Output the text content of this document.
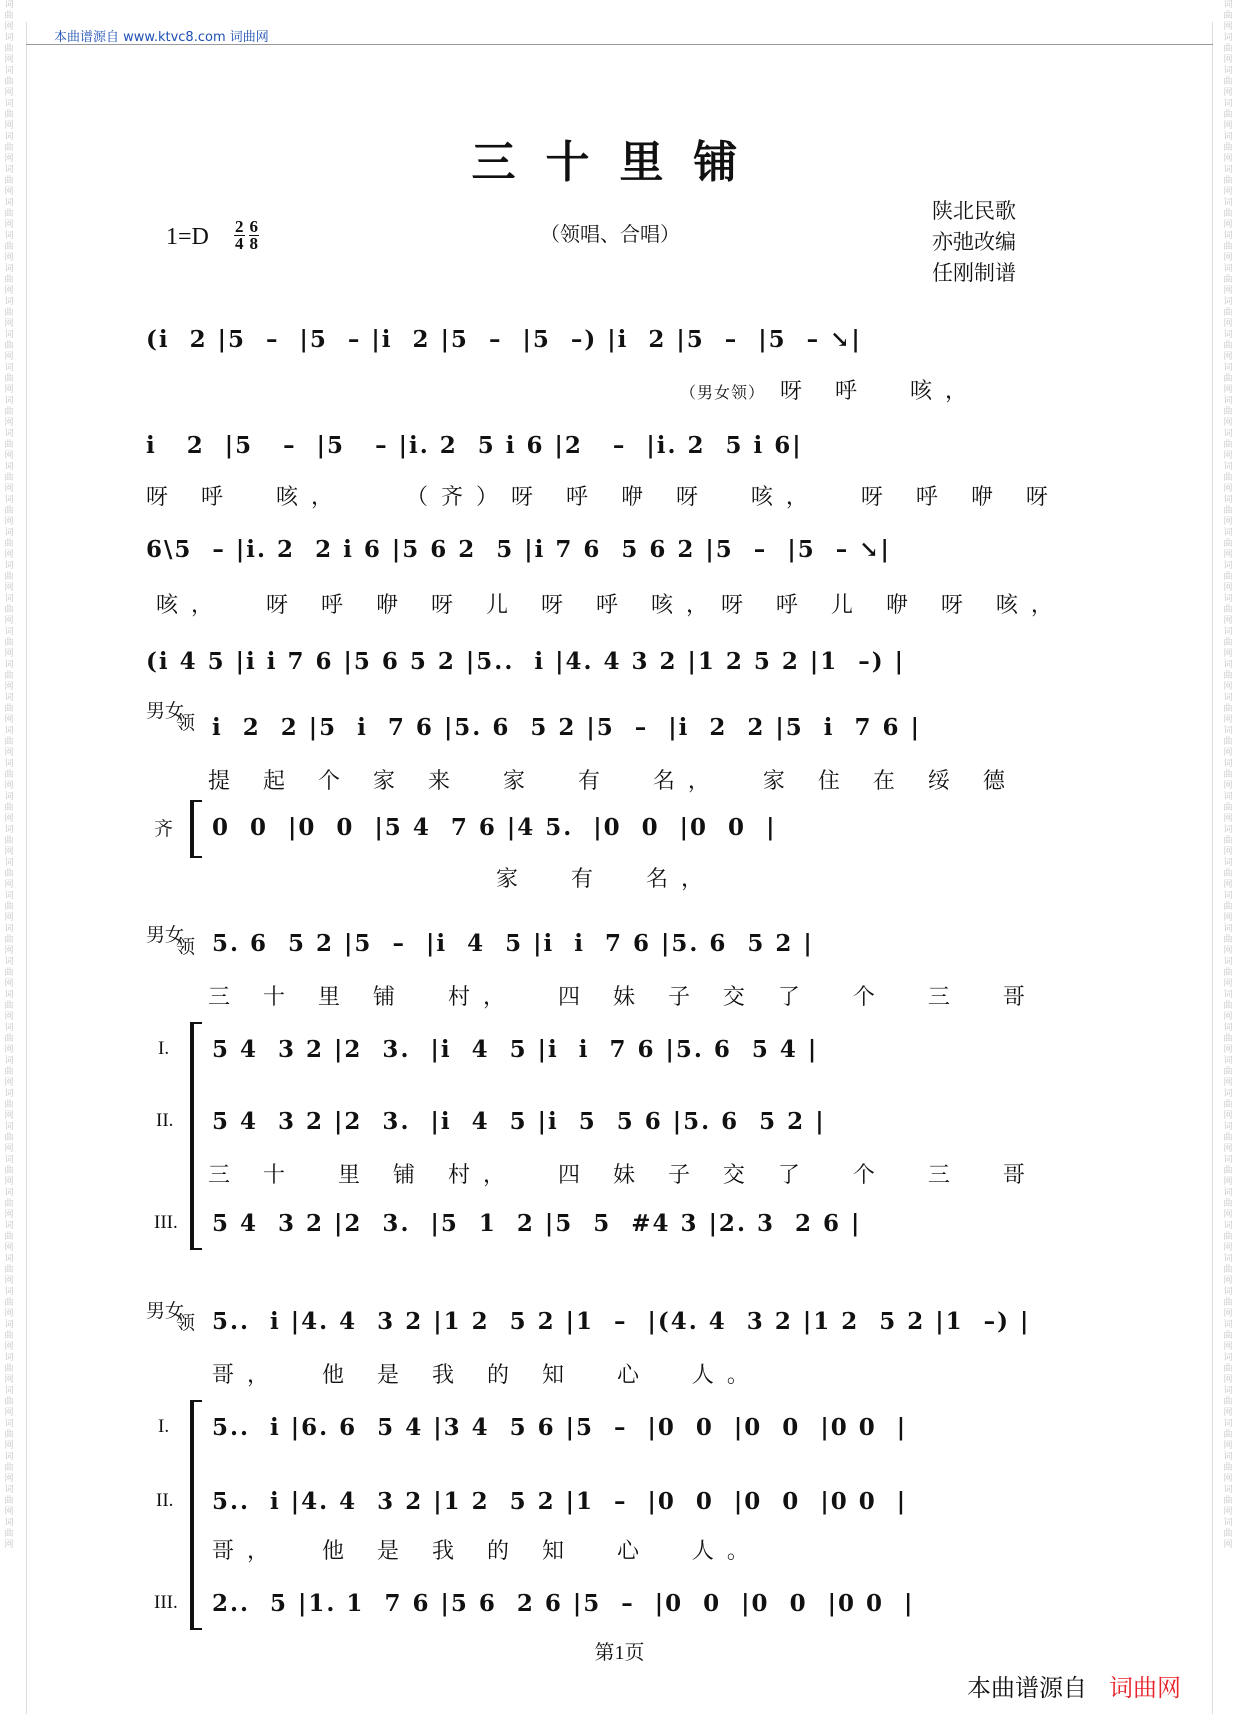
词曲网词曲网词曲网词曲网词曲网词曲网词曲网词曲网词曲网词曲网词曲网词曲网词曲网词曲网词曲网词曲网词曲网词曲网词曲网词曲网词曲网词曲网词曲网词曲网词曲网词曲网词曲网词曲网词曲网词曲网词曲网词曲网词曲网词曲网词曲网词曲网词曲网词曲网词曲网词曲网词曲网词曲网词曲网词曲网词曲网词曲网词曲网
词曲网词曲网词曲网词曲网词曲网词曲网词曲网词曲网词曲网词曲网词曲网词曲网词曲网词曲网词曲网词曲网词曲网词曲网词曲网词曲网词曲网词曲网词曲网词曲网词曲网词曲网词曲网词曲网词曲网词曲网词曲网词曲网词曲网词曲网词曲网词曲网词曲网词曲网词曲网词曲网词曲网词曲网词曲网词曲网词曲网词曲网词曲网
本曲谱源自 www.ktvc8.com 词曲网
三十里铺
$1=D \frac{2}{4} \frac{6}{8}$	（领唱、合唱）
陕北民歌
亦弛改编
任刚制谱
(i  2 |5  –  |5  – |i  2 |5  –  |5  –) |i  2 |5  –  |5  – ↘|
（男女领） 呀 呼  咳，
i   2  |5   –  |5   – |i. 2  5 i 6 |2   –  |i. 2  5 i 6|
呀 呼  咳，   （齐）呀 呼 咿 呀  咳，  呀 呼 咿 呀
6\5  – |i. 2  2 i 6 |5 6 2  5 |i 7 6  5 6 2 |5  –  |5  – ↘|
咳，  呀 呼 咿 呀 儿 呀 呼 咳，呀 呼 儿 咿 呀 咳，
(i 4 5 |i i 7 6 |5 6 5 2 |5..  i |4. 4 3 2 |1 2 5 2 |1  –) |
男女
领 i  2  2 |5  i  7 6 |5. 6  5 2 |5  –  |i  2  2 |5  i  7 6 |
提 起 个 家 来  家  有  名，  家 住 在 绥 德
齐 0  0  |0  0  |5 4  7 6 |4 5.  |0  0  |0  0  |
家  有  名，
男女
领 5. 6  5 2 |5  –  |i  4  5 |i  i  7 6 |5. 6  5 2 |
三 十 里 铺  村，  四 妹 子 交 了  个  三  哥
I. 5 4  3 2 |2  3.  |i  4  5 |i  i  7 6 |5. 6  5 4 |
II. 5 4  3 2 |2  3.  |i  4  5 |i  5  5 6 |5. 6  5 2 |
三 十  里 铺 村，  四 妹 子 交 了  个  三  哥
III. 5 4  3 2 |2  3.  |5  1  2 |5  5  #4 3 |2. 3  2 6 |
男女
领 5..  i |4. 4  3 2 |1 2  5 2 |1  –  |(4. 4  3 2 |1 2  5 2 |1  –) |
哥，  他 是 我 的 知  心  人。
I. 5..  i |6. 6  5 4 |3 4  5 6 |5  –  |0  0  |0  0  |0 0  |
II. 5..  i |4. 4  3 2 |1 2  5 2 |1  –  |0  0  |0  0  |0 0  |
哥，  他 是 我 的 知  心  人。
III. 2..  5 |1. 1  7 6 |5 6  2 6 |5  –  |0  0  |0  0  |0 0  |
第1页
本曲谱源自 词曲网
